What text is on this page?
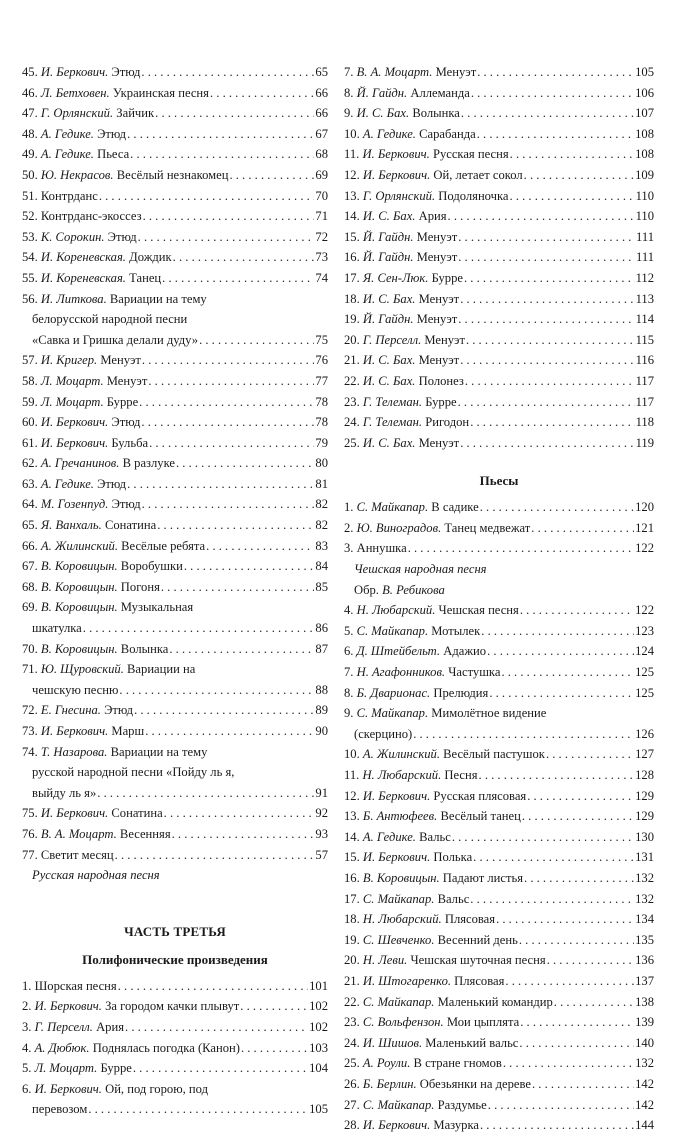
45. И. Беркович. Этюд . . .	65
46. Л. Бетховен. Украинская песня . . .	66
47. Г. Орлянский. Зайчик . . .	66
48. А. Гедике. Этюд . . .	67
49. А. Гедике. Пьеса . . .	68
50. Ю. Некрасов. Весёлый незнакомец . . .	69
51. Контрданс . . .	70
52. Контрданс-экоссез . . .	71
53. К. Сорокин. Этюд . . .	72
54. И. Кореневская. Дождик . . .	73
55. И. Кореневская. Танец . . .	74
56. И. Литкова. Вариации на тему
белорусской народной песни
«Савка и Гришка делали дуду» . . .	75
57. И. Кригер. Менуэт . . .	76
58. Л. Моцарт. Менуэт . . .	77
59. Л. Моцарт. Бурре . . .	78
60. И. Беркович. Этюд . . .	78
61. И. Беркович. Бульба . . .	79
62. А. Гречанинов. В разлуке . . .	80
63. А. Гедике. Этюд . . .	81
64. М. Гозенпуд. Этюд . . .	82
65. Я. Ванхаль. Сонатина . . .	82
66. А. Жилинский. Весёлые ребята . . .	83
67. В. Коровицын. Воробушки . . .	84
68. В. Коровицын. Погоня . . .	85
69. В. Коровицын. Музыкальная
шкатулка . . .	86
70. В. Коровицын. Волынка . . .	87
71. Ю. Щуровский. Вариации на
чешскую песню . . .	88
72. Е. Гнесина. Этюд . . .	89
73. И. Беркович. Марш . . .	90
74. Т. Назарова. Вариации на тему
русской народной песни «Пойду ль я,
выйду ль я» . . .	91
75. И. Беркович. Сонатина . . .	92
76. В. А. Моцарт. Весенняя . . .	93
77. Светит месяц . . .	57
Русская народная песня
ЧАСТЬ ТРЕТЬЯ
Полифонические произведения
1. Шорская песня . . .	101
2. И. Беркович. За городом качки плывут . . .	102
3. Г. Перселл. Ария . . .	102
4. А. Дюбюк. Поднялась погодка (Канон) . . .	103
5. Л. Моцарт. Бурре . . .	104
6. И. Беркович. Ой, под горою, под
перевозом . . .	105
7. В. А. Моцарт. Менуэт . . .	105
8. Й. Гайдн. Аллеманда . . .	106
9. И. С. Бах. Волынка . . .	107
10. А. Гедике. Сарабанда . . .	108
11. И. Беркович. Русская песня . . .	108
12. И. Беркович. Ой, летает сокол . . .	109
13. Г. Орлянский. Подоляночка . . .	110
14. И. С. Бах. Ария . . .	110
15. Й. Гайдн. Менуэт . . .	111
16. Й. Гайдн. Менуэт . . .	111
17. Я. Сен-Люк. Бурре . . .	112
18. И. С. Бах. Менуэт . . .	113
19. Й. Гайдн. Менуэт . . .	114
20. Г. Перселл. Менуэт . . .	115
21. И. С. Бах. Менуэт . . .	116
22. И. С. Бах. Полонез . . .	117
23. Г. Телеман. Бурре . . .	117
24. Г. Телеман. Ригодон . . .	118
25. И. С. Бах. Менуэт . . .	119
Пьесы
1. С. Майкапар. В садике . . .	120
2. Ю. Виноградов. Танец медвежат . . .	121
3. Аннушка . . .	122
Чешская народная песня
Обр. В. Ребикова
4. Н. Любарский. Чешская песня . . .	122
5. С. Майкапар. Мотылек . . .	123
6. Д. Штейбельт. Адажио . . .	124
7. Н. Агафонников. Частушка . . .	125
8. Б. Дварионас. Прелюдия . . .	125
9. С. Майкапар. Мимолётное видение
(скерцино) . . .	126
10. А. Жилинский. Весёлый пастушок . . .	127
11. Н. Любарский. Песня . . .	128
12. И. Беркович. Русская плясовая . . .	129
13. Б. Антюфеев. Весёлый танец . . .	129
14. А. Гедике. Вальс . . .	130
15. И. Беркович. Полька . . .	131
16. В. Коровицын. Падают листья . . .	132
17. С. Майкапар. Вальс . . .	132
18. Н. Любарский. Плясовая . . .	134
19. С. Шевченко. Весенний день . . .	135
20. Н. Леви. Чешская шуточная песня . . .	136
21. И. Штогаренко. Плясовая . . .	137
22. С. Майкапар. Маленький командир . . .	138
23. С. Вольфензон. Мои цыплята . . .	139
24. И. Шишов. Маленький вальс . . .	140
25. А. Роули. В стране гномов . . .	132
26. Б. Берлин. Обезьянки на дереве . . .	142
27. С. Майкапар. Раздумье . . .	142
28. И. Беркович. Мазурка . . .	144
